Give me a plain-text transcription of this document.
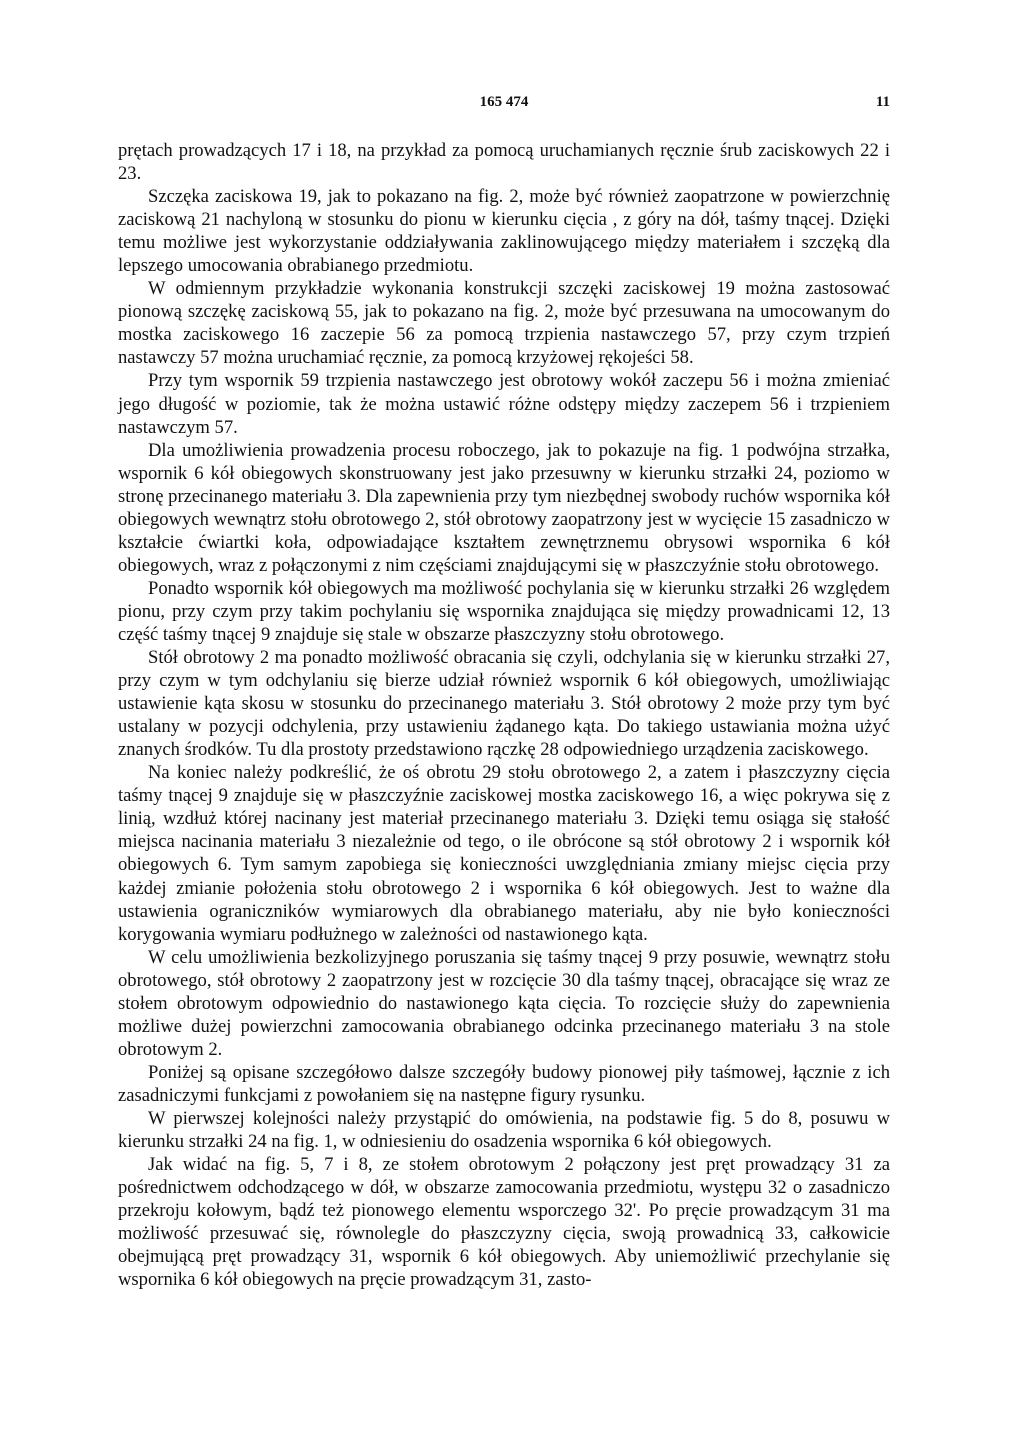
165 474	11

prętach prowadzących 17 i 18, na przykład za pomocą uruchamianych ręcznie śrub zaciskowych 22 i 23.

Szczęka zaciskowa 19, jak to pokazano na fig. 2, może być również zaopatrzone w powierzchnię zaciskową 21 nachyloną w stosunku do pionu w kierunku cięcia , z góry na dół, taśmy tnącej. Dzięki temu możliwe jest wykorzystanie oddziaływania zaklinowującego między materiałem i szczęką dla lepszego umocowania obrabianego przedmiotu.

W odmiennym przykładzie wykonania konstrukcji szczęki zaciskowej 19 można zastosować pionową szczękę zaciskową 55, jak to pokazano na fig. 2, może być przesuwana na umocowanym do mostka zaciskowego 16 zaczepie 56 za pomocą trzpienia nastawczego 57, przy czym trzpień nastawczy 57 można uruchamiać ręcznie, za pomocą krzyżowej rękojeści 58.

Przy tym wspornik 59 trzpienia nastawczego jest obrotowy wokół zaczepu 56 i można zmieniać jego długość w poziomie, tak że można ustawić różne odstępy między zaczepem 56 i trzpieniem nastawczym 57.

Dla umożliwienia prowadzenia procesu roboczego, jak to pokazuje na fig. 1 podwójna strzałka, wspornik 6 kół obiegowych skonstruowany jest jako przesuwny w kierunku strzałki 24, poziomo w stronę przecinanego materiału 3. Dla zapewnienia przy tym niezbędnej swobody ruchów wspornika kół obiegowych wewnątrz stołu obrotowego 2, stół obrotowy zaopatrzony jest w wycięcie 15 zasadniczo w kształcie ćwiartki koła, odpowiadające kształtem zewnętrznemu obrysowi wspornika 6 kół obiegowych, wraz z połączonymi z nim częściami znajdującymi się w płaszczyźnie stołu obrotowego.

Ponadto wspornik kół obiegowych ma możliwość pochylania się w kierunku strzałki 26 względem pionu, przy czym przy takim pochylaniu się wspornika znajdująca się między prowadnicami 12, 13 część taśmy tnącej 9 znajduje się stale w obszarze płaszczyzny stołu obrotowego.

Stół obrotowy 2 ma ponadto możliwość obracania się czyli, odchylania się w kierunku strzałki 27, przy czym w tym odchylaniu się bierze udział również wspornik 6 kół obiegowych, umożliwiając ustawienie kąta skosu w stosunku do przecinanego materiału 3. Stół obrotowy 2 może przy tym być ustalany w pozycji odchylenia, przy ustawieniu żądanego kąta. Do takiego ustawiania można użyć znanych środków. Tu dla prostoty przedstawiono rączkę 28 odpowiedniego urządzenia zaciskowego.

Na koniec należy podkreślić, że oś obrotu 29 stołu obrotowego 2, a zatem i płaszczyzny cięcia taśmy tnącej 9 znajduje się w płaszczyźnie zaciskowej mostka zaciskowego 16, a więc pokrywa się z linią, wzdłuż której nacinany jest materiał przecinanego materiału 3. Dzięki temu osiąga się stałość miejsca nacinania materiału 3 niezależnie od tego, o ile obrócone są stół obrotowy 2 i wspornik kół obiegowych 6. Tym samym zapobiega się konieczności uwzględniania zmiany miejsc cięcia przy każdej zmianie położenia stołu obrotowego 2 i wspornika 6 kół obiegowych. Jest to ważne dla ustawienia ograniczników wymiarowych dla obrabianego materiału, aby nie było konieczności korygowania wymiaru podłużnego w zależności od nastawionego kąta.

W celu umożliwienia bezkolizyjnego poruszania się taśmy tnącej 9 przy posuwie, wewnątrz stołu obrotowego, stół obrotowy 2 zaopatrzony jest w rozcięcie 30 dla taśmy tnącej, obracające się wraz ze stołem obrotowym odpowiednio do nastawionego kąta cięcia. To rozcięcie służy do zapewnienia możliwe dużej powierzchni zamocowania obrabianego odcinka przecinanego materiału 3 na stole obrotowym 2.

Poniżej są opisane szczegółowo dalsze szczegóły budowy pionowej piły taśmowej, łącznie z ich zasadniczymi funkcjami z powołaniem się na następne figury rysunku.

W pierwszej kolejności należy przystąpić do omówienia, na podstawie fig. 5 do 8, posuwu w kierunku strzałki 24 na fig. 1, w odniesieniu do osadzenia wspornika 6 kół obiegowych.

Jak widać na fig. 5, 7 i 8, ze stołem obrotowym 2 połączony jest pręt prowadzący 31 za pośrednictwem odchodzącego w dół, w obszarze zamocowania przedmiotu, występu 32 o zasadniczo przekroju kołowym, bądź też pionowego elementu wsporczego 32'. Po pręcie prowadzącym 31 ma możliwość przesuwać się, równolegle do płaszczyzny cięcia, swoją prowadnicą 33, całkowicie obejmującą pręt prowadzący 31, wspornik 6 kół obiegowych. Aby uniemożliwić przechylanie się wspornika 6 kół obiegowych na pręcie prowadzącym 31, zasto-
